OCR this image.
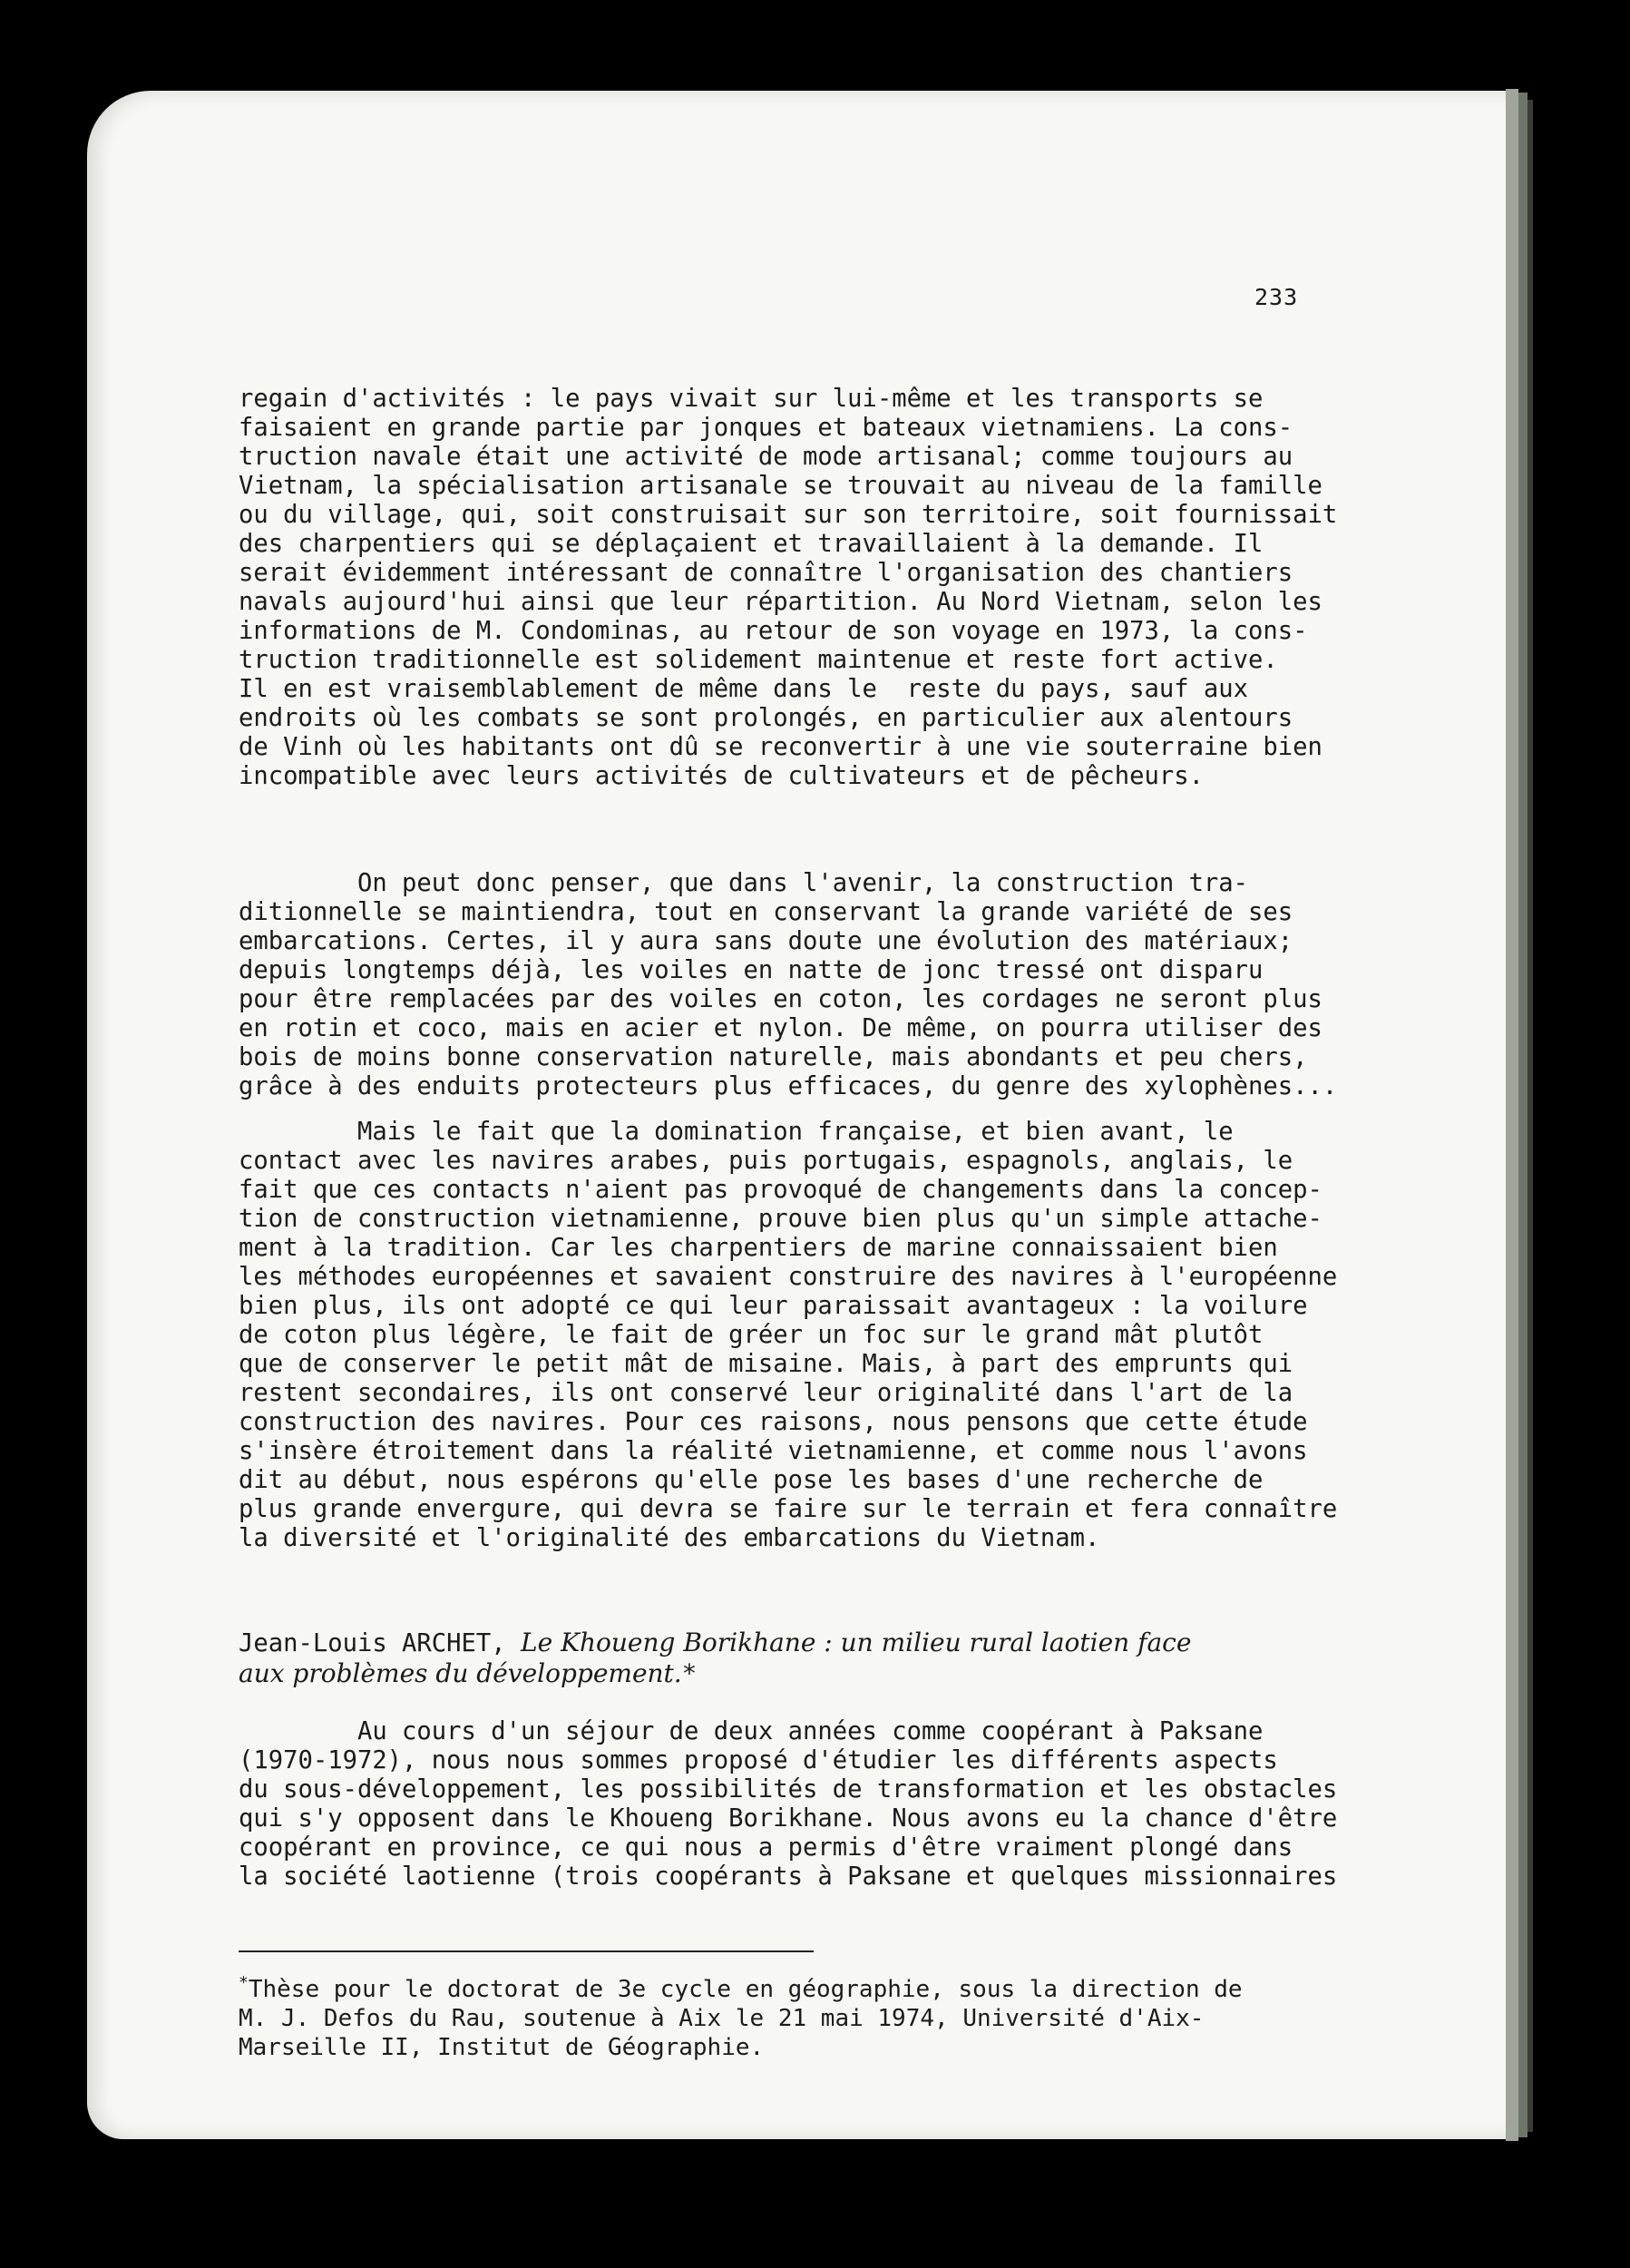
233

regain d'activités : le pays vivait sur lui-même et les transports se
faisaient en grande partie par jonques et bateaux vietnamiens. La cons-
truction navale était une activité de mode artisanal; comme toujours au
Vietnam, la spécialisation artisanale se trouvait au niveau de la famille
ou du village, qui, soit construisait sur son territoire, soit fournissait
des charpentiers qui se déplaçaient et travaillaient à la demande. Il
serait évidemment intéressant de connaître l'organisation des chantiers
navals aujourd'hui ainsi que leur répartition. Au Nord Vietnam, selon les
informations de M. Condominas, au retour de son voyage en 1973, la cons-
truction traditionnelle est solidement maintenue et reste fort active.
Il en est vraisemblablement de même dans le  reste du pays, sauf aux
endroits où les combats se sont prolongés, en particulier aux alentours
de Vinh où les habitants ont dû se reconvertir à une vie souterraine bien
incompatible avec leurs activités de cultivateurs et de pêcheurs.

On peut donc penser, que dans l'avenir, la construction tra-
ditionnelle se maintiendra, tout en conservant la grande variété de ses
embarcations. Certes, il y aura sans doute une évolution des matériaux;
depuis longtemps déjà, les voiles en natte de jonc tressé ont disparu
pour être remplacées par des voiles en coton, les cordages ne seront plus
en rotin et coco, mais en acier et nylon. De même, on pourra utiliser des
bois de moins bonne conservation naturelle, mais abondants et peu chers,
grâce à des enduits protecteurs plus efficaces, du genre des xylophènes...

Mais le fait que la domination française, et bien avant, le
contact avec les navires arabes, puis portugais, espagnols, anglais, le
fait que ces contacts n'aient pas provoqué de changements dans la concep-
tion de construction vietnamienne, prouve bien plus qu'un simple attache-
ment à la tradition. Car les charpentiers de marine connaissaient bien
les méthodes européennes et savaient construire des navires à l'européenne
bien plus, ils ont adopté ce qui leur paraissait avantageux : la voilure
de coton plus légère, le fait de gréer un foc sur le grand mât plutôt
que de conserver le petit mât de misaine. Mais, à part des emprunts qui
restent secondaires, ils ont conservé leur originalité dans l'art de la
construction des navires. Pour ces raisons, nous pensons que cette étude
s'insère étroitement dans la réalité vietnamienne, et comme nous l'avons
dit au début, nous espérons qu'elle pose les bases d'une recherche de
plus grande envergure, qui devra se faire sur le terrain et fera connaître
la diversité et l'originalité des embarcations du Vietnam.

Jean-Louis ARCHET, Le Khoueng Borikhane : un milieu rural laotien face
aux problèmes du développement.*

Au cours d'un séjour de deux années comme coopérant à Paksane
(1970-1972), nous nous sommes proposé d'étudier les différents aspects
du sous-développement, les possibilités de transformation et les obstacles
qui s'y opposent dans le Khoueng Borikhane. Nous avons eu la chance d'être
coopérant en province, ce qui nous a permis d'être vraiment plongé dans
la société laotienne (trois coopérants à Paksane et quelques missionnaires

*Thèse pour le doctorat de 3e cycle en géographie, sous la direction de
M. J. Defos du Rau, soutenue à Aix le 21 mai 1974, Université d'Aix-
Marseille II, Institut de Géographie.
